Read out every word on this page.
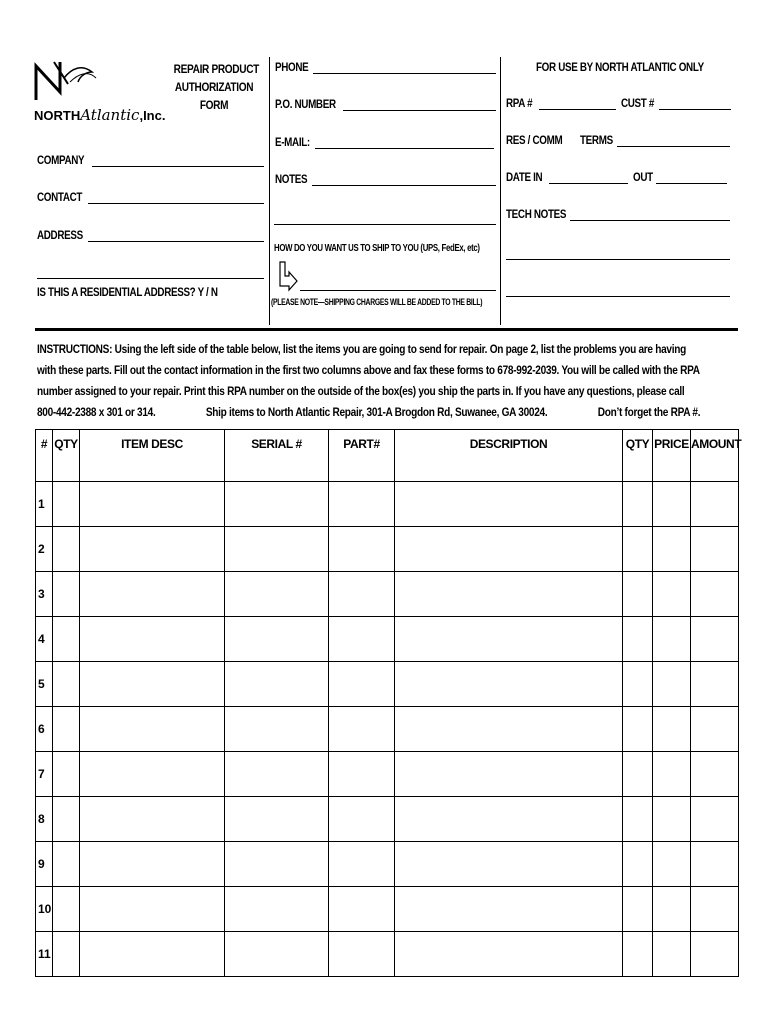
NORTHAtlantic,Inc.
REPAIR PRODUCT
AUTHORIZATION
FORM
COMPANY
CONTACT
ADDRESS
IS THIS A RESIDENTIAL ADDRESS? Y / N
PHONE
P.O. NUMBER
E-MAIL:
NOTES
HOW DO YOU WANT US TO SHIP TO YOU (UPS, FedEx, etc)
(PLEASE NOTE—SHIPPING CHARGES WILL BE ADDED TO THE BILL)
FOR USE BY NORTH ATLANTIC ONLY
RPA #	CUST #
RES / COMM TERMS
DATE IN	OUT
TECH NOTES

INSTRUCTIONS: Using the left side of the table below, list the items you are going to send for repair. On page 2, list the problems you are having

with these parts. Fill out the contact information in the first two columns above and fax these forms to 678-992-2039. You will be called with the RPA

number assigned to your repair. Print this RPA number on the outside of the box(es) you ship the parts in. If you have any questions, please call

800-442-2388 x 301 or 314.	Ship items to North Atlantic Repair, 301-A Brogdon Rd, Suwanee, GA 30024.	Don’t forget the RPA #.

#	QTY	ITEM DESC	SERIAL #	PART#	DESCRIPTION	QTY	PRICE	AMOUNT
1								
2								
3								
4								
5								
6								
7								
8								
9								
10								
11								
